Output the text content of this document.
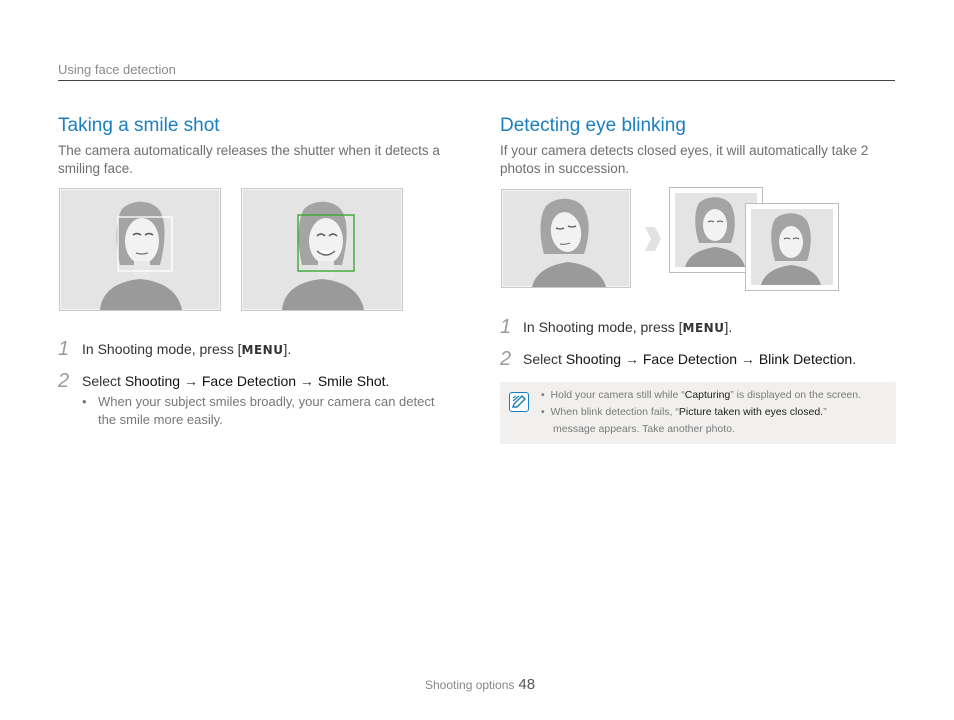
Using face detection
Taking a smile shot
The camera automatically releases the shutter when it detects a smiling face.
1 In Shooting mode, press [MENU].
2 Select Shooting → Face Detection → Smile Shot.
• When your subject smiles broadly, your camera can detect the smile more easily.
Detecting eye blinking
If your camera detects closed eyes, it will automatically take 2 photos in succession.
1 In Shooting mode, press [MENU].
2 Select Shooting → Face Detection → Blink Detection.
•  Hold your camera still while “Capturing” is displayed on the screen.
•  When blink detection fails, “Picture taken with eyes closed.”
message appears. Take another photo.
Shooting options 48
